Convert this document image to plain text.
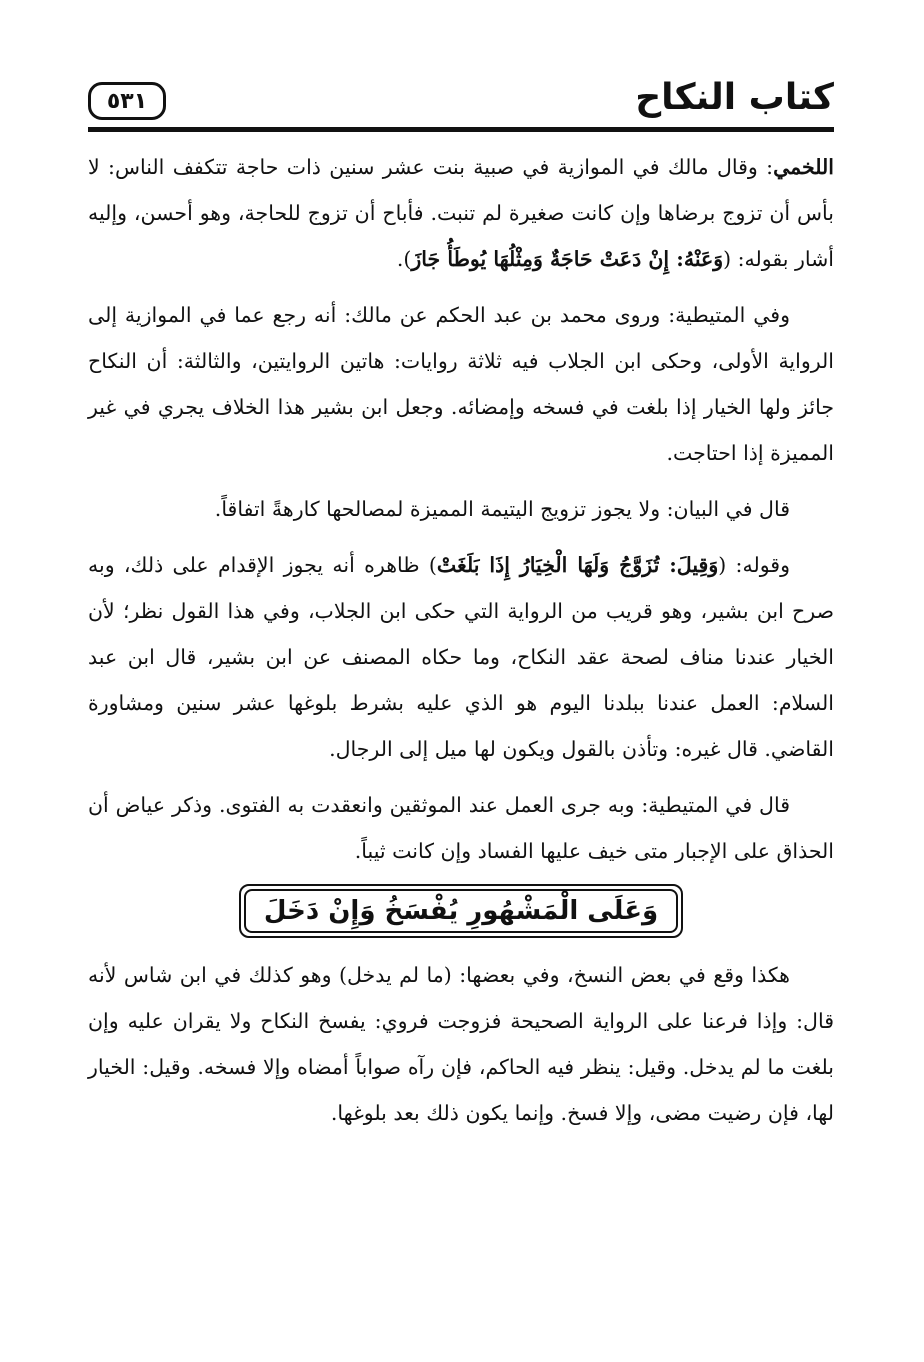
كتاب النكاح
٥٣١

اللخمي: وقال مالك في الموازية في صبية بنت عشر سنين ذات حاجة تتكفف الناس: لا بأس أن تزوج برضاها وإن كانت صغيرة لم تنبت. فأباح أن تزوج للحاجة، وهو أحسن، وإليه أشار بقوله: (وَعَنْهُ: إِنْ دَعَتْ حَاجَةٌ وَمِثْلُهَا يُوطَأُ جَازَ).

وفي المتيطية: وروى محمد بن عبد الحكم عن مالك: أنه رجع عما في الموازية إلى الرواية الأولى، وحكى ابن الجلاب فيه ثلاثة روايات: هاتين الروايتين، والثالثة: أن النكاح جائز ولها الخيار إذا بلغت في فسخه وإمضائه. وجعل ابن بشير هذا الخلاف يجري في غير المميزة إذا احتاجت.

قال في البيان: ولا يجوز تزويج اليتيمة المميزة لمصالحها كارهةً اتفاقاً.

وقوله: (وَقِيلَ: تُزَوَّجُ وَلَهَا الْخِيَارُ إِذَا بَلَغَتْ) ظاهره أنه يجوز الإقدام على ذلك، وبه صرح ابن بشير، وهو قريب من الرواية التي حكى ابن الجلاب، وفي هذا القول نظر؛ لأن الخيار عندنا مناف لصحة عقد النكاح، وما حكاه المصنف عن ابن بشير، قال ابن عبد السلام: العمل عندنا ببلدنا اليوم هو الذي عليه بشرط بلوغها عشر سنين ومشاورة القاضي. قال غيره: وتأذن بالقول ويكون لها ميل إلى الرجال.

قال في المتيطية: وبه جرى العمل عند الموثقين وانعقدت به الفتوى. وذكر عياض أن الحذاق على الإجبار متى خيف عليها الفساد وإن كانت ثيباً.

وَعَلَى الْمَشْهُورِ يُفْسَخُ وَإِنْ دَخَلَ

هكذا وقع في بعض النسخ، وفي بعضها: (ما لم يدخل) وهو كذلك في ابن شاس لأنه قال: وإذا فرعنا على الرواية الصحيحة فزوجت فروي: يفسخ النكاح ولا يقران عليه وإن بلغت ما لم يدخل. وقيل: ينظر فيه الحاكم، فإن رآه صواباً أمضاه وإلا فسخه. وقيل: الخيار لها، فإن رضيت مضى، وإلا فسخ. وإنما يكون ذلك بعد بلوغها.
